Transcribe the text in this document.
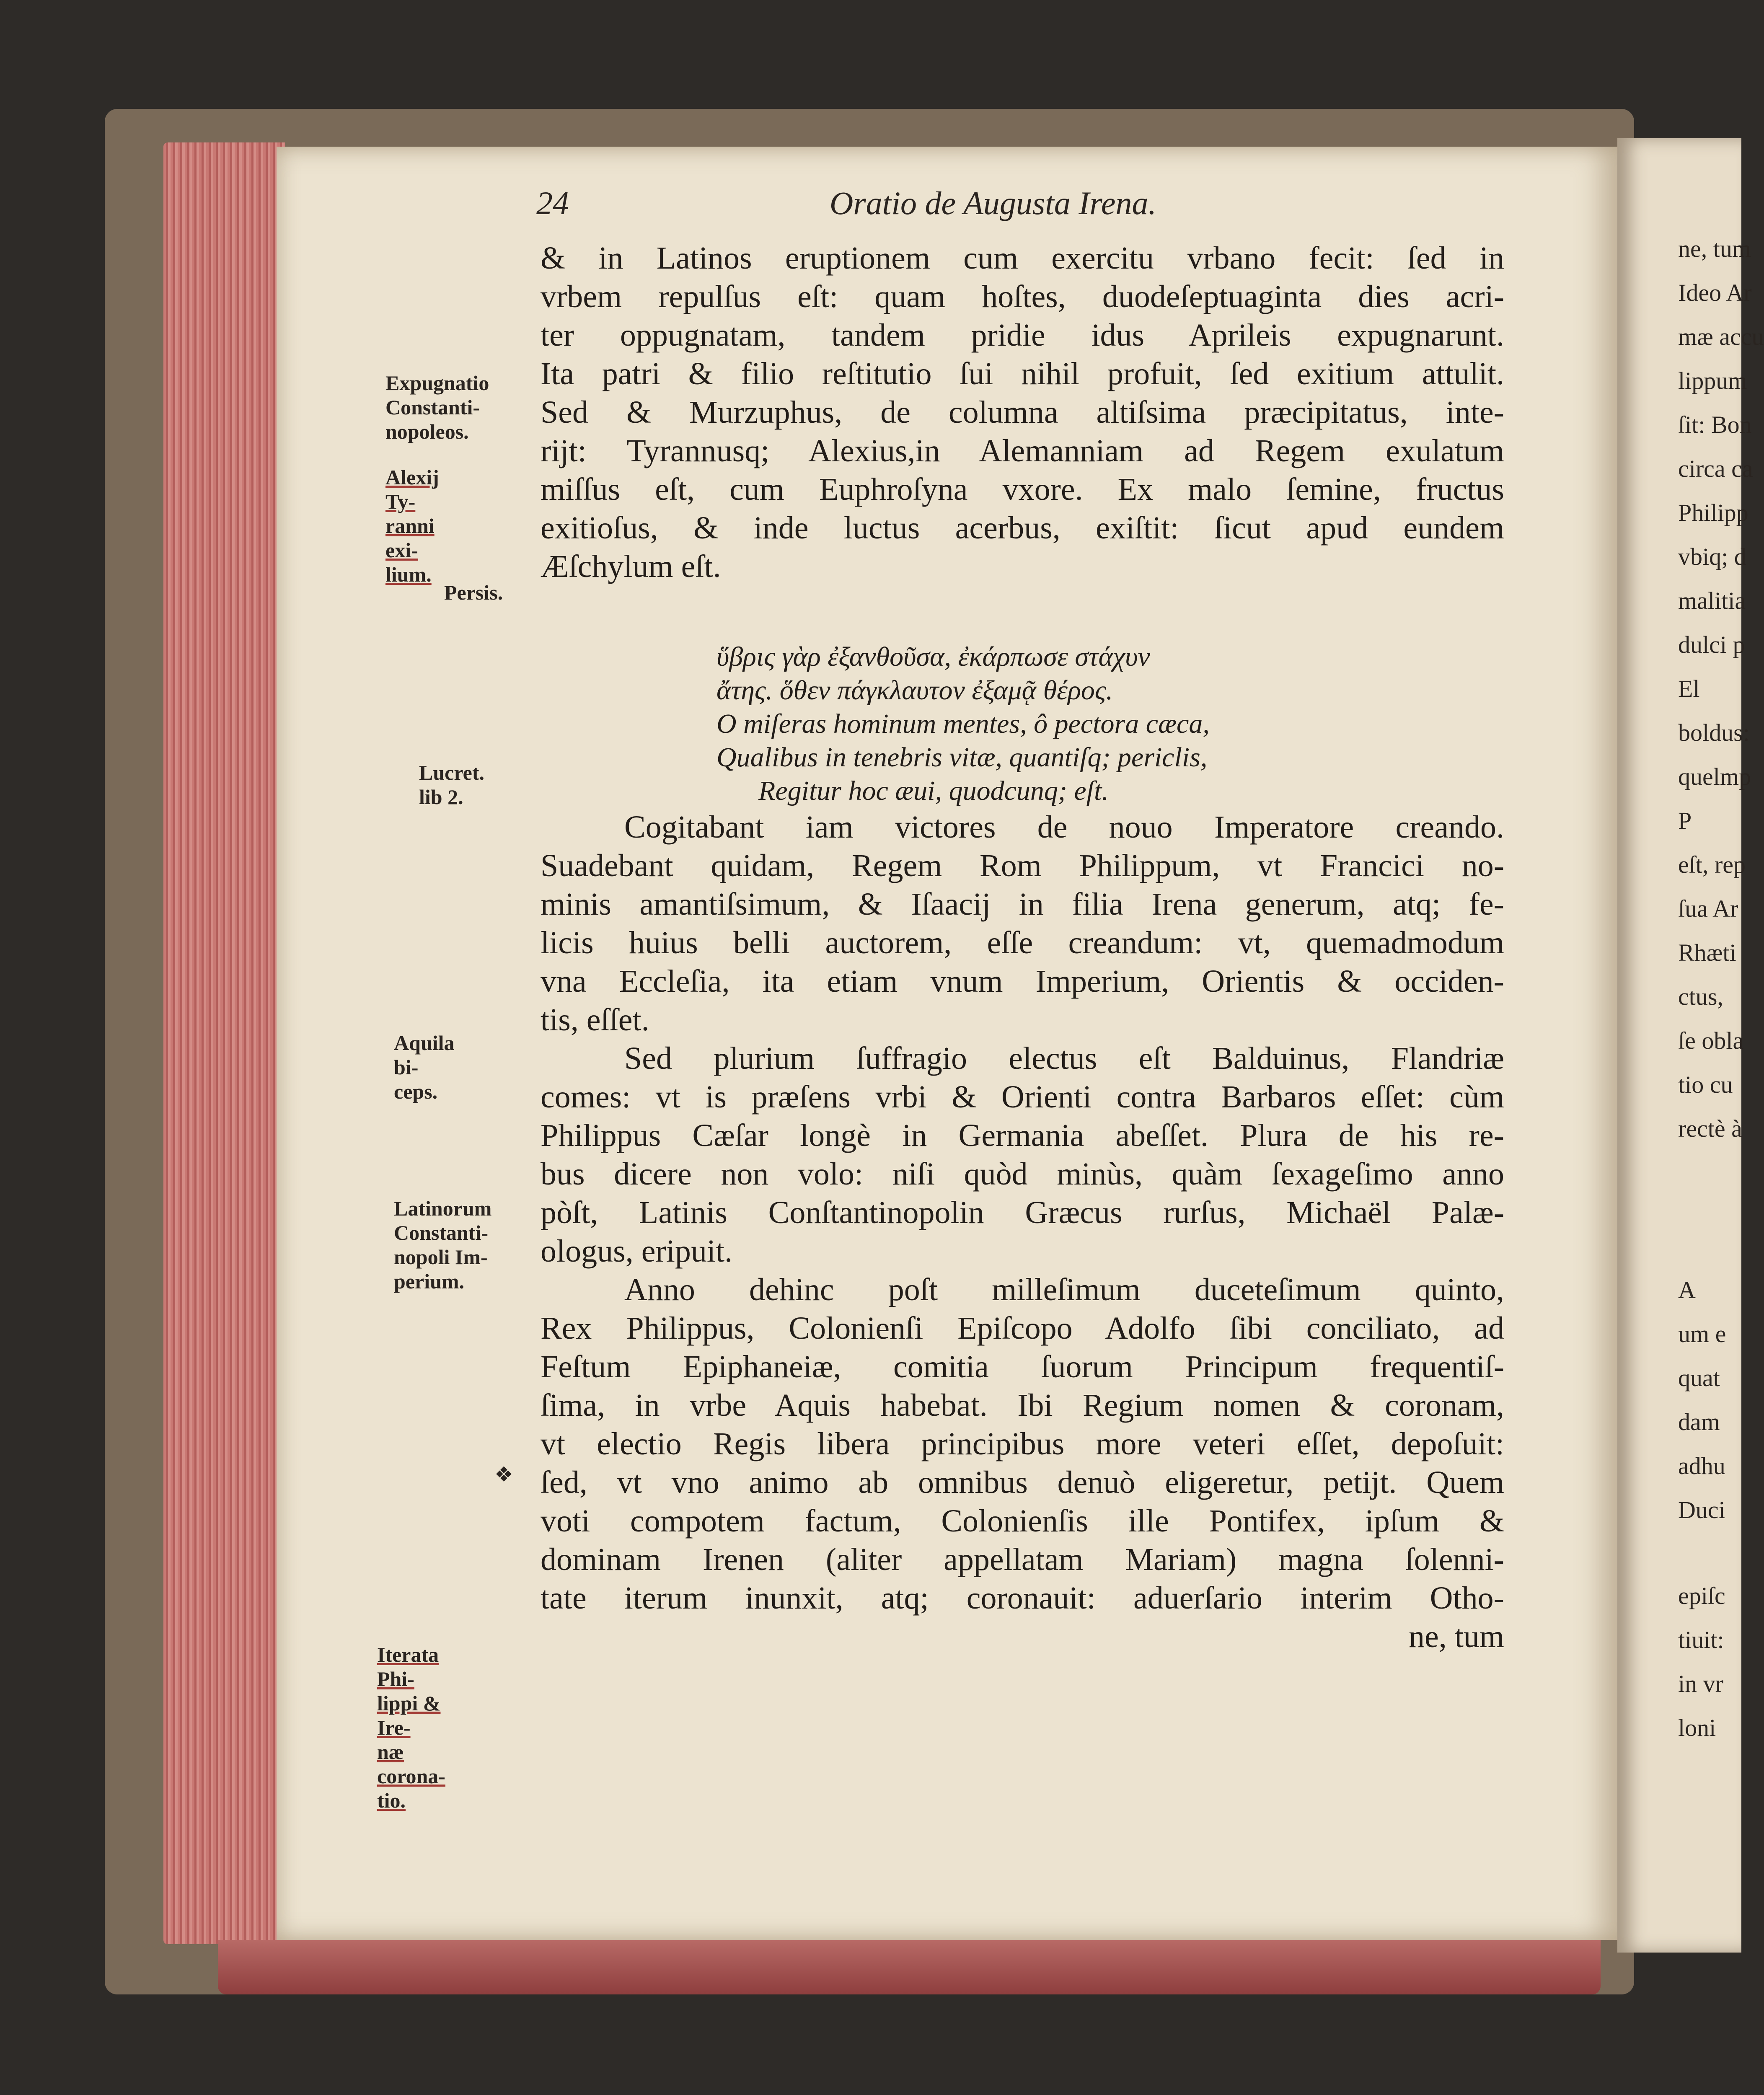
ne, tum
Ideo Ar
mæ accu
lippum
ſit: Bon
circa ca
Philipp
vbiq; d
malitia
dulci p
El
boldus:
quelmp
P
eſt, rep
ſua Ar
Rhæti
ctus,
ſe obla
tio cu
rectè à
A
um e
quat
dam
adhu
Duci
epiſc
tiuit:
in vr
loni
24	Oratio de Augusta Irena.
Expugnatio
Constanti-
nopoleos.
Alexij Ty-
ranni exi-
lium.
Persis.
Lucret.
lib 2.
Aquila bi-
ceps.
Latinorum
Constanti-
nopoli Im-
perium.
Iterata Phi-
lippi & Ire-
næ corona-
tio.
❖
& in Latinos eruptionem cum exercitu vrbano fecit: ſed in
vrbem repulſus eſt: quam hoſtes, duodeſeptuaginta dies acri-
ter oppugnatam, tandem pridie idus Aprileis expugnarunt.
Ita patri & filio reſtitutio ſui nihil profuit, ſed exitium attulit.
Sed & Murzuphus, de columna altiſsima præcipitatus, inte-
rijt: Tyrannusq; Alexius,in Alemanniam ad Regem exulatum
miſſus eſt, cum Euphroſyna vxore. Ex malo ſemine, fructus
exitioſus, & inde luctus acerbus, exiſtit: ſicut apud eundem
Æſchylum eſt.
ὕβρις γὰρ ἐξανθοῦσα, ἐκάρπωσε στάχυν
ἄτης. ὅθεν πάγκλαυτον ἐξαμᾷ θέρος.
O miſeras hominum mentes, ô pectora cæca,
Qualibus in tenebris vitæ, quantiſq; periclis,
Regitur hoc æui, quodcunq; eſt.
Cogitabant iam victores de nouo Imperatore creando.
Suadebant quidam, Regem Rom Philippum, vt Francici no-
minis amantiſsimum, & Iſaacij in filia Irena generum, atq; fe-
licis huius belli auctorem, eſſe creandum: vt, quemadmodum
vna Eccleſia, ita etiam vnum Imperium, Orientis & occiden-
tis, eſſet.
Sed plurium ſuffragio electus eſt Balduinus, Flandriæ
comes: vt is præſens vrbi & Orienti contra Barbaros eſſet: cùm
Philippus Cæſar longè in Germania abeſſet. Plura de his re-
bus dicere non volo: niſi quòd minùs, quàm ſexageſimo anno
pòſt, Latinis Conſtantinopolin Græcus rurſus, Michaël Palæ-
ologus, eripuit.
Anno dehinc poſt milleſimum duceteſimum quinto,
Rex Philippus, Colonienſi Epiſcopo Adolfo ſibi conciliato, ad
Feſtum Epiphaneiæ, comitia ſuorum Principum frequentiſ-
ſima, in vrbe Aquis habebat. Ibi Regium nomen & coronam,
vt electio Regis libera principibus more veteri eſſet, depoſuit:
ſed, vt vno animo ab omnibus denuò eligeretur, petijt. Quem
voti compotem factum, Colonienſis ille Pontifex, ipſum &
dominam Irenen (aliter appellatam Mariam) magna ſolenni-
tate iterum inunxit, atq; coronauit: aduerſario interim Otho-
ne, tum
